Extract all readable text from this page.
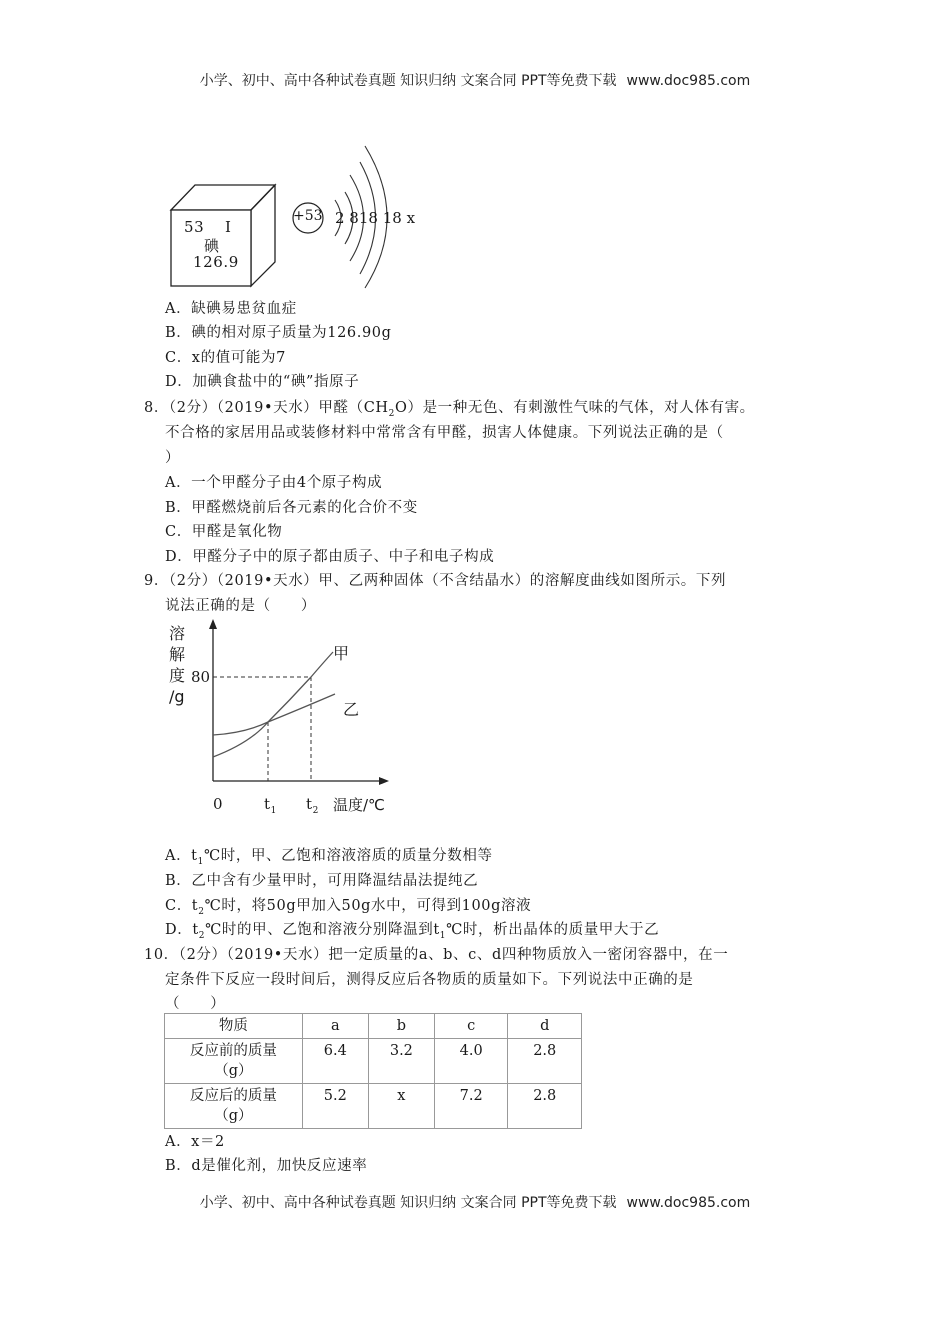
小学、初中、高中各种试卷真题 知识归纳 文案合同 PPT等免费下载 www.doc985.com
53 I
碘
126.9
+53 2 818 18 x
A．缺碘易患贫血症
B．碘的相对原子质量为126.90g
C．x的值可能为7
D．加碘食盐中的“碘”指原子
8．（2分）（2019•天水）甲醛$(CH_2O)$是一种无色、有刺激性气味的气体，对人体有害。
不合格的家居用品或装修材料中常常含有甲醛，损害人体健康。下列说法正确的是（
）
A．一个甲醛分子由4个原子构成
B．甲醛燃烧前后各元素的化合价不变
C．甲醛是氧化物
D．甲醛分子中的原子都由质子、中子和电子构成
9．（2分）（2019•天水）甲、乙两种固体（不含结晶水）的溶解度曲线如图所示。下列
说法正确的是（　　）
溶
解
度
/g
80
甲
乙
0	$t_1$ $t_2$ 温度/℃
A．$t_1℃$时，甲、乙饱和溶液溶质的质量分数相等
B．乙中含有少量甲时，可用降温结晶法提纯乙
C．$t_2℃$时，将50g甲加入50g水中，可得到100g溶液
D．$t_2℃$时的甲、乙饱和溶液分别降温到$t_1℃$时，析出晶体的质量甲大于乙
10．（2分）（2019•天水）把一定质量的a、b、c、d四种物质放入一密闭容器中，在一
定条件下反应一段时间后，测得反应后各物质的质量如下。下列说法中正确的是
（　　）
物质	a	b	c	d

反应前的质量
（g）	6.4	3.2	4.0	2.8

反应后的质量
（g）	5.2	x	7.2	2.8
A．x＝2
B．d是催化剂，加快反应速率
小学、初中、高中各种试卷真题 知识归纳 文案合同 PPT等免费下载 www.doc985.com
